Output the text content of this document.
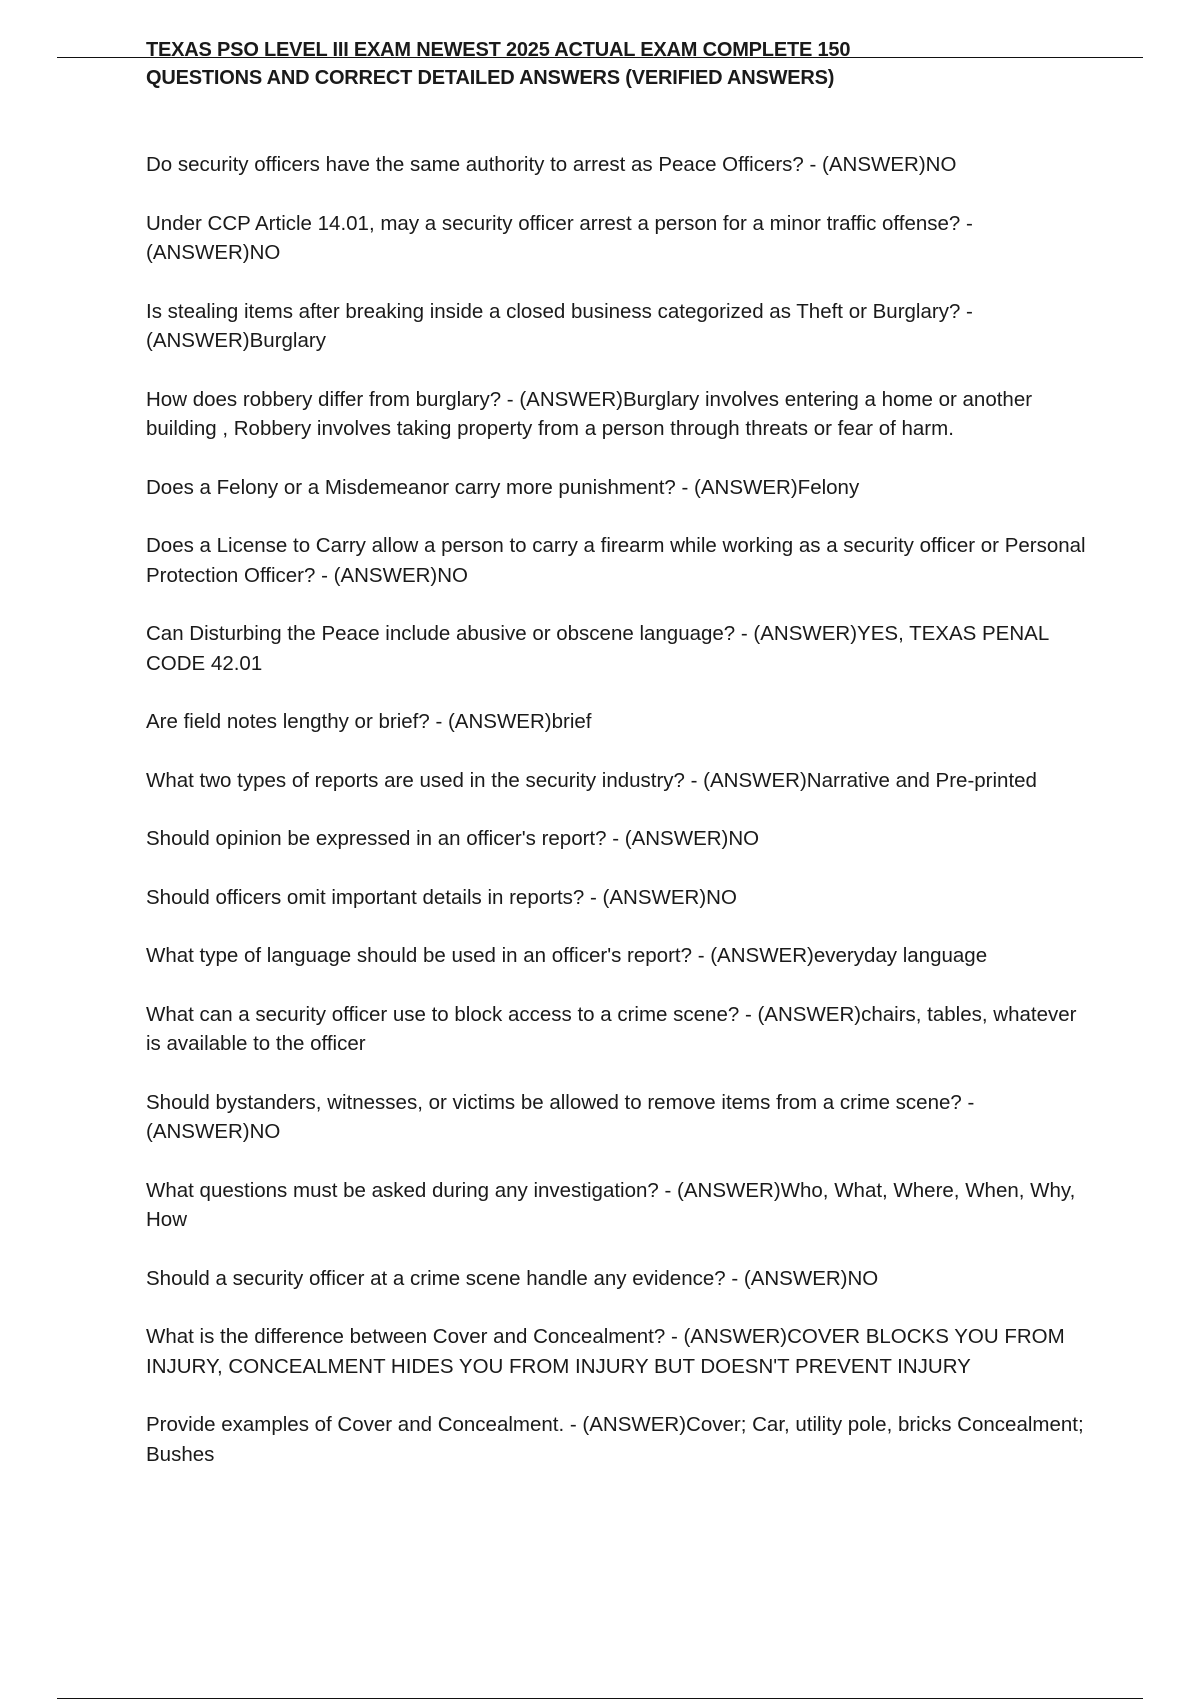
TEXAS PSO LEVEL III EXAM NEWEST 2025 ACTUAL EXAM COMPLETE 150

QUESTIONS AND CORRECT DETAILED ANSWERS (VERIFIED ANSWERS)

Do security officers have the same authority to arrest as Peace Officers? - (ANSWER)NO
Under CCP Article 14.01, may a security officer arrest a person for a minor traffic offense? - (ANSWER)NO
Is stealing items after breaking inside a closed business categorized as Theft or Burglary? - (ANSWER)Burglary
How does robbery differ from burglary? - (ANSWER)Burglary involves entering a home or another building , Robbery involves taking property from a person through threats or fear of harm.
Does a Felony or a Misdemeanor carry more punishment? - (ANSWER)Felony
Does a License to Carry allow a person to carry a firearm while working as a security officer or Personal Protection Officer? - (ANSWER)NO
Can Disturbing the Peace include abusive or obscene language? - (ANSWER)YES, TEXAS PENAL CODE 42.01
Are field notes lengthy or brief? - (ANSWER)brief
What two types of reports are used in the security industry? - (ANSWER)Narrative and Pre-printed
Should opinion be expressed in an officer's report? - (ANSWER)NO
Should officers omit important details in reports? - (ANSWER)NO
What type of language should be used in an officer's report? - (ANSWER)everyday language
What can a security officer use to block access to a crime scene? - (ANSWER)chairs, tables, whatever is available to the officer
Should bystanders, witnesses, or victims be allowed to remove items from a crime scene? - (ANSWER)NO
What questions must be asked during any investigation? - (ANSWER)Who, What, Where, When, Why, How
Should a security officer at a crime scene handle any evidence? - (ANSWER)NO
What is the difference between Cover and Concealment? - (ANSWER)COVER BLOCKS YOU FROM INJURY, CONCEALMENT HIDES YOU FROM INJURY BUT DOESN'T PREVENT INJURY
Provide examples of Cover and Concealment. - (ANSWER)Cover; Car, utility pole, bricks Concealment; Bushes
